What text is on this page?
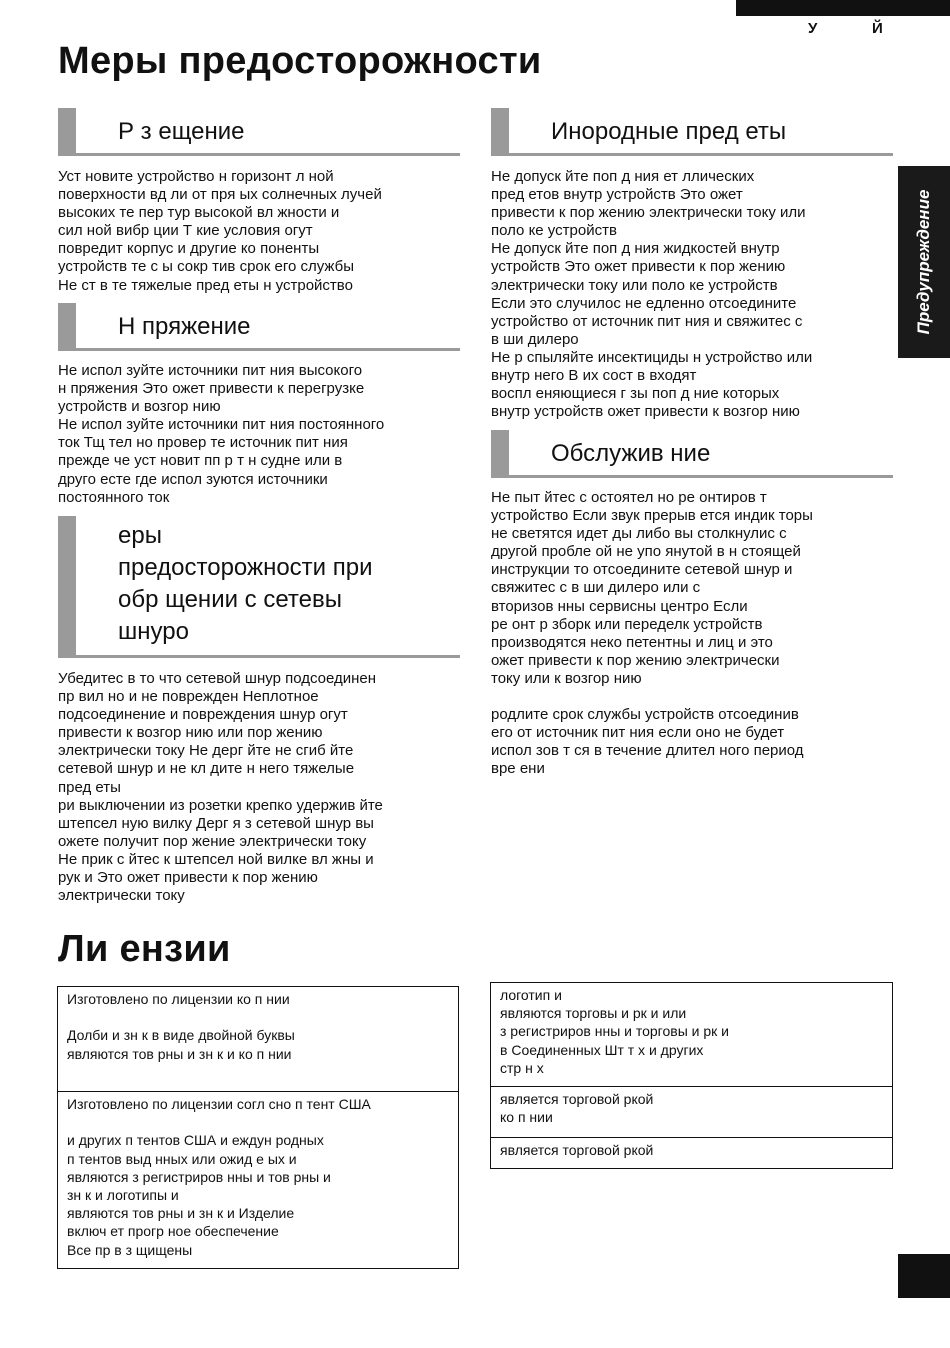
У	Й
Предупреждение
Меры предосторожности
Р з ещение
Уст новите устройство н горизонт л ной
поверхности вд ли от пря ых солнечных лучей
высоких те пер тур высокой вл жности и
сил ной вибр ции Т кие условия огут
повредит корпус и другие ко поненты
устройств те с ы сокр тив срок его службы
Не ст в те тяжелые пред еты н устройство
Н пряжение
Не испол зуйте источники пит ния высокого
н пряжения Это ожет привести к перегрузке
устройств и возгор нию
Не испол зуйте источники пит ния постоянного
ток Тщ тел но провер те источник пит ния
прежде че уст новит пп р т н судне или в
друго есте где испол зуются источники
постоянного ток
еры
предосторожности при
обр щении с сетевы
шнуро
Убедитес в то что сетевой шнур подсоединен
пр вил но и не поврежден Неплотное
подсоединение и повреждения шнур огут
привести к возгор нию или пор жению
электрически току Не дерг йте не сгиб йте
сетевой шнур и не кл дите н него тяжелые
пред еты
ри выключении из розетки крепко удержив йте
штепсел ную вилку Дерг я з сетевой шнур вы
ожете получит пор жение электрически току
Не прик с йтес к штепсел ной вилке вл жны и
рук и Это ожет привести к пор жению
электрически току
Инородные пред еты
Не допуск йте поп д ния ет ллических
пред етов внутр устройств Это ожет
привести к пор жению электрически току или
поло ке устройств
Не допуск йте поп д ния жидкостей внутр
устройств Это ожет привести к пор жению
электрически току или поло ке устройств
Если это случилос не едленно отсоедините
устройство от источник пит ния и свяжитес с
в ши дилеро
Не р спыляйте инсектициды н устройство или
внутр него В их сост в входят
воспл еняющиеся г зы поп д ние которых
внутр устройств ожет привести к возгор нию
Обслужив ние
Не пыт йтес с остоятел но ре онтиров т
устройство Если звук прерыв ется индик торы
не светятся идет ды либо вы столкнулис с
другой пробле ой не упо янутой в н стоящей
инструкции то отсоедините сетевой шнур и
свяжитес с в ши дилеро или с
вторизов нны сервисны центро Если
ре онт р зборк или переделк устройств
производятся неко петентны и лиц и это
ожет привести к пор жению электрически
току или к возгор нию

родлите срок службы устройств отсоединив
его от источник пит ния если оно не будет
испол зов т ся в течение длител ного период
вре ени
Ли ензии
Изготовлено по лицензии ко п нии

Долби и зн к в виде двойной буквы
являются тов рны и зн к и ко п нии
Изготовлено по лицензии согл сно п тент США

и других п тентов США и еждун родных
п тентов выд нных или ожид е ых и
являются з регистриров нны и тов рны и
зн к и логотипы и
являются тов рны и зн к и Изделие
включ ет прогр ное обеспечение
Все пр в з щищены
логотип и
являются торговы и рк и или
з регистриров нны и торговы и рк и
в Соединенных Шт т х и других
стр н х
является торговой ркой
ко п нии
является торговой ркой
